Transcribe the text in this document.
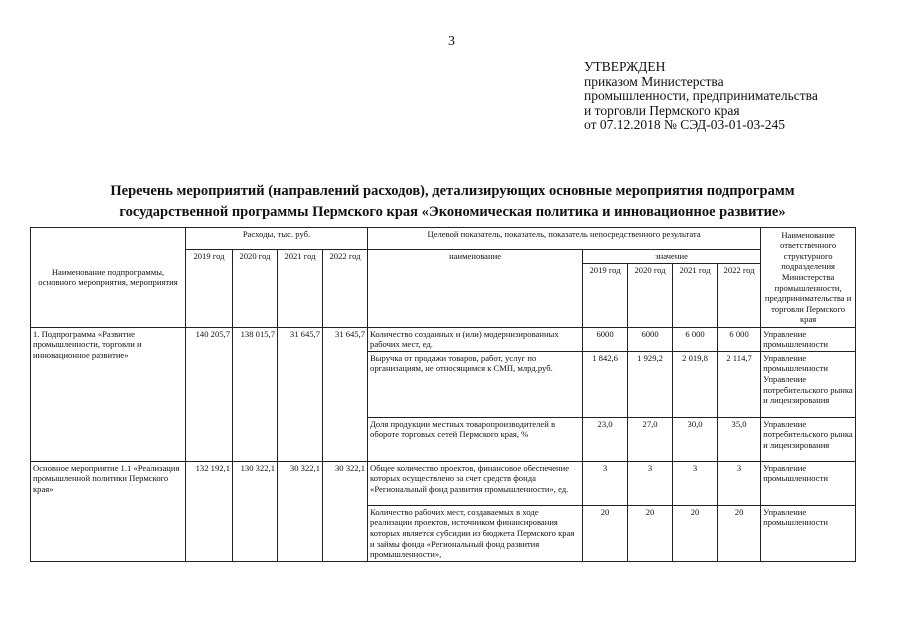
3
УТВЕРЖДЕН
приказом Министерства
промышленности, предпринимательства
и торговли Пермского края
от 07.12.2018 № СЭД-03-01-03-245
Перечень мероприятий (направлений расходов), детализирующих основные мероприятия подпрограмм
государственной программы Пермского края «Экономическая политика и инновационное развитие»
Наименование подпрограммы, основного мероприятия, мероприятия	Расходы, тыс. руб.				Целевой показатель, показатель, показатель непосредственного результата					Наименование ответственного структурного подразделения Министерства промышленности, предпринимательства и торговли Пермского края
	2019 год	2020 год	2021 год	2022 год	наименование	значение				
						2019 год	2020 год	2021 год	2022 год	
1. Подпрограмма «Развитие промышленности, торговли и инновационное развитие»	140 205,7	138 015,7	31 645,7	31 645,7	Количество созданных и (или) модернизированных рабочих мест, ед.	6000	6000	6 000	6 000	Управление промышленности
					Выручка от продажи товаров, работ, услуг по организациям, не относящимся к СМП, млрд.руб.	1 842,6	1 929,2	2 019,8	2 114,7	Управление промышленности Управление потребительского рынка и лицензирования
					Доля продукции местных товаропроизводителей в обороте торговых сетей Пермского края, %	23,0	27,0	30,0	35,0	Управление потребительского рынка и лицензирования
Основное мероприятие 1.1 «Реализация промышленной политики Пермского края»	132 192,1	130 322,1	30 322,1	30 322,1	Общее количество проектов, финансовое обеспечение которых осуществлено за счет средств фонда «Региональный фонд развития промышленности», ед.	3	3	3	3	Управление промышленности
					Количество рабочих мест, создаваемых в ходе реализации проектов, источником финансирования которых является субсидии из бюджета Пермского края и займы фонда «Региональный фонд развития промышленности»,	20	20	20	20	Управление промышленности
